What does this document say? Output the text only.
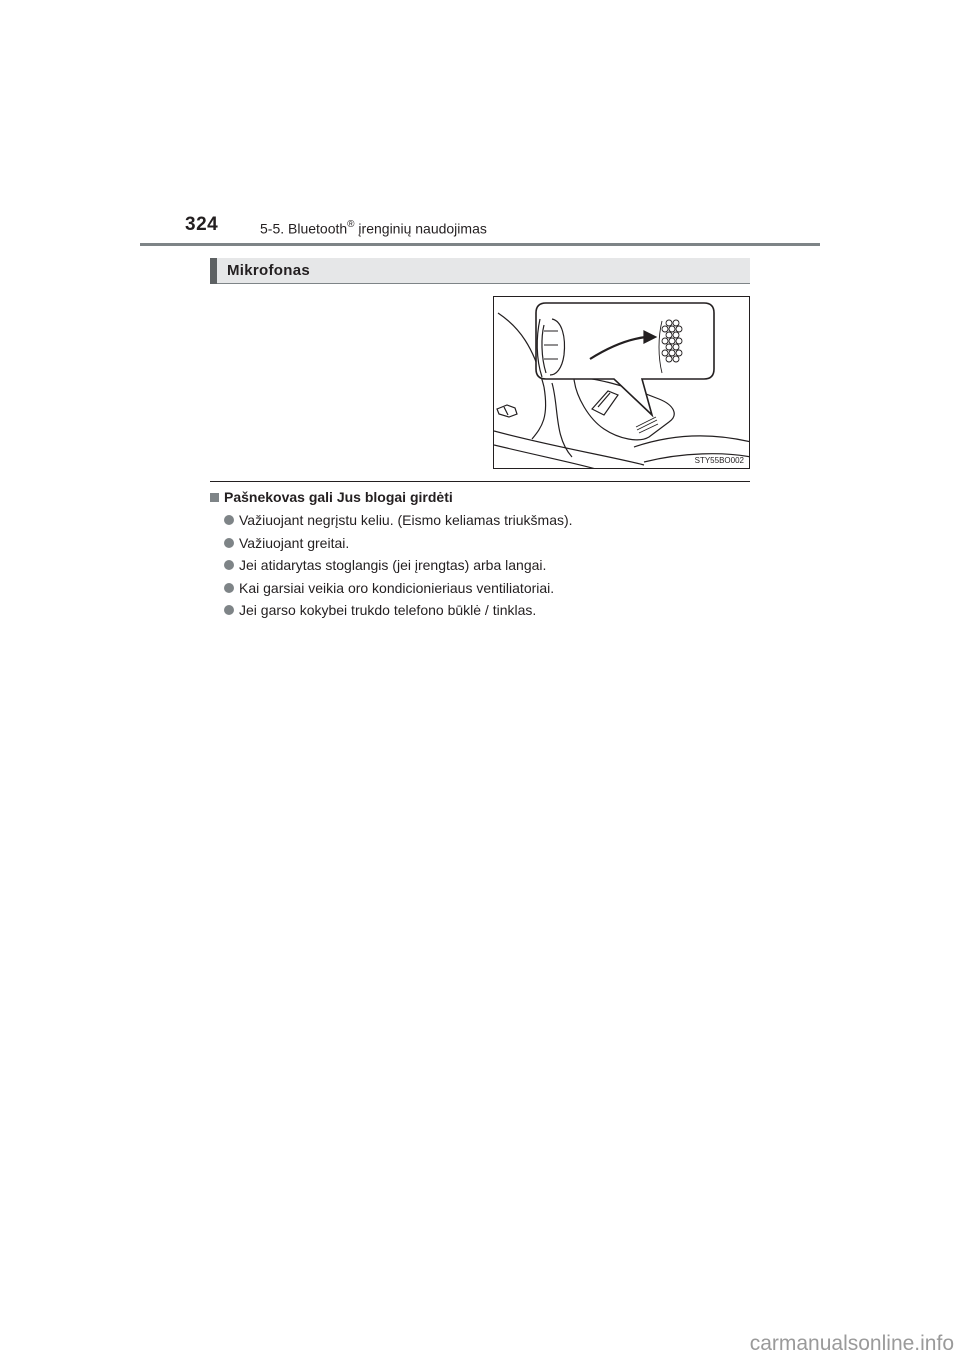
324	5-5. Bluetooth® įrenginių naudojimas
Mikrofonas
STY55BO002
Pašnekovas gali Jus blogai girdėti
Važiuojant negrįstu keliu. (Eismo keliamas triukšmas).
Važiuojant greitai.
Jei atidarytas stoglangis (jei įrengtas) arba langai.
Kai garsiai veikia oro kondicionieriaus ventiliatoriai.
Jei garso kokybei trukdo telefono būklė / tinklas.
carmanualsonline.info
